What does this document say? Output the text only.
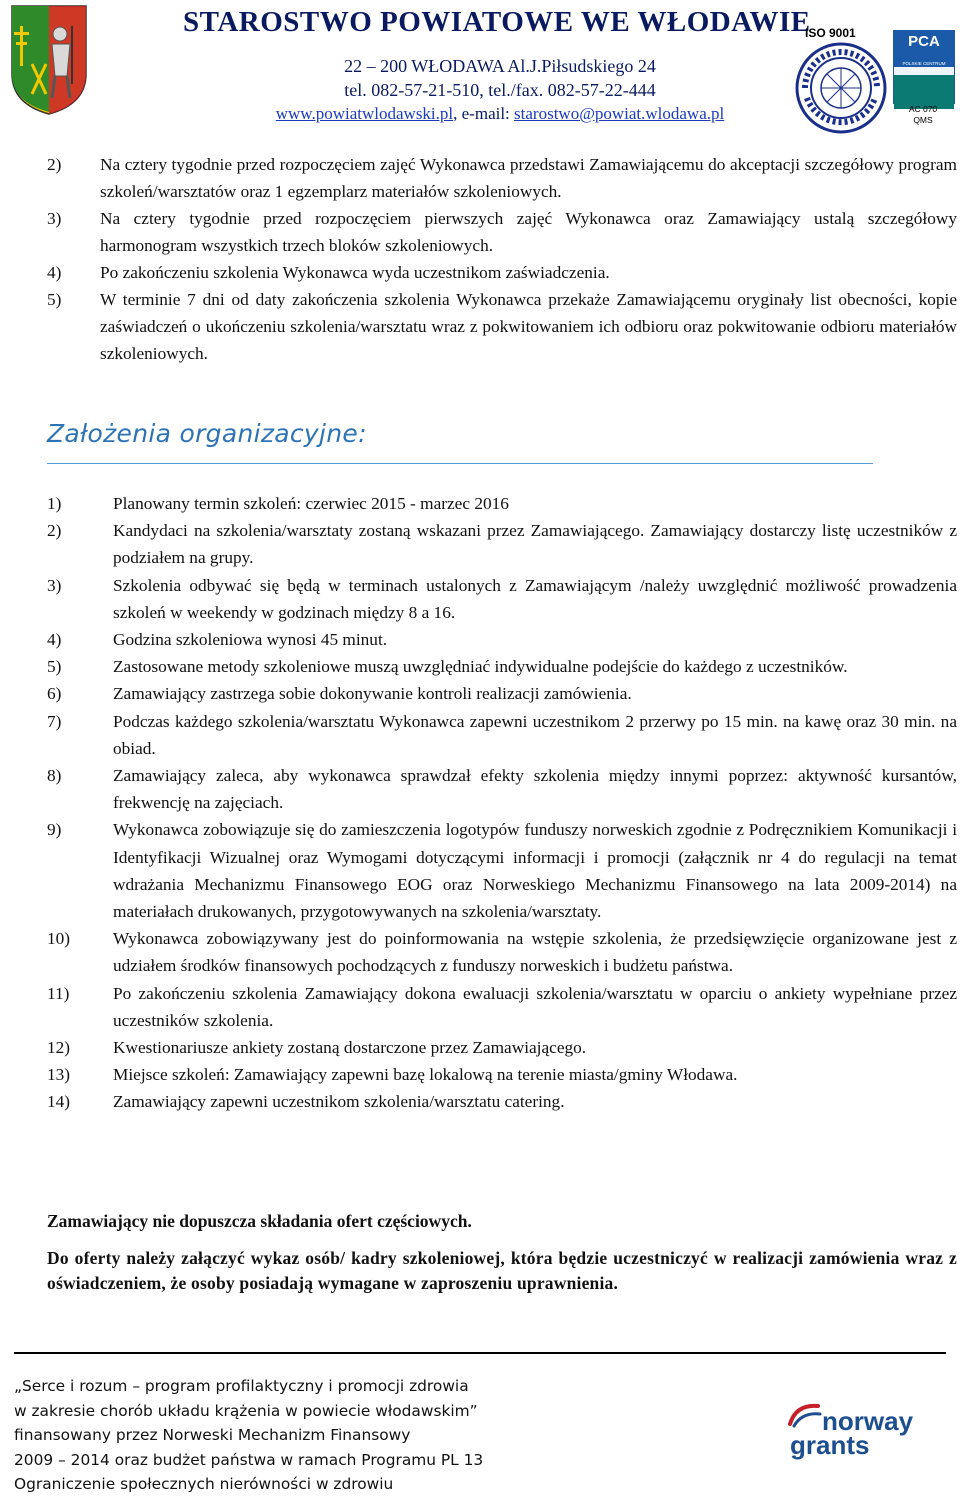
STAROSTWO POWIATOWE WE WŁODAWIE
22 – 200 WŁODAWA Al.J.Piłsudskiego 24
tel. 082-57-21-510, tel./fax. 082-57-22-444
www.powiatwlodawski.pl, e-mail: starostwo@powiat.wlodawa.pl
ISO 9001	PCA
POLSKIE CENTRUM AKREDYTACJI
AC 070
QMS
2) Na cztery tygodnie przed rozpoczęciem zajęć Wykonawca przedstawi Zamawiającemu do akceptacji szczegółowy program szkoleń/warsztatów oraz 1 egzemplarz materiałów szkoleniowych.
3) Na cztery tygodnie przed rozpoczęciem pierwszych zajęć Wykonawca oraz Zamawiający ustalą szczegółowy harmonogram wszystkich trzech bloków szkoleniowych.
4) Po zakończeniu szkolenia Wykonawca wyda uczestnikom zaświadczenia.
5) W terminie 7 dni od daty zakończenia szkolenia Wykonawca przekaże Zamawiającemu oryginały list obecności, kopie zaświadczeń o ukończeniu szkolenia/warsztatu wraz z pokwitowaniem ich odbioru oraz pokwitowanie odbioru materiałów szkoleniowych.
Założenia organizacyjne:
1)	Planowany termin szkoleń: czerwiec 2015 - marzec 2016
2)	Kandydaci na szkolenia/warsztaty zostaną wskazani przez Zamawiającego. Zamawiający dostarczy listę uczestników z podziałem na grupy.
3)	Szkolenia odbywać się będą w terminach ustalonych z Zamawiającym /należy uwzględnić możliwość prowadzenia szkoleń w weekendy w godzinach między 8 a 16.
4)	Godzina szkoleniowa wynosi 45 minut.
5)	Zastosowane metody szkoleniowe muszą uwzględniać indywidualne podejście do każdego z uczestników.
6)	Zamawiający zastrzega sobie dokonywanie kontroli realizacji zamówienia.
7)	Podczas każdego szkolenia/warsztatu Wykonawca zapewni uczestnikom 2 przerwy po 15 min. na kawę oraz 30 min. na obiad.
8)	Zamawiający zaleca, aby wykonawca sprawdzał efekty szkolenia między innymi poprzez: aktywność kursantów, frekwencję na zajęciach.
9)	Wykonawca zobowiązuje się do zamieszczenia logotypów funduszy norweskich zgodnie z Podręcznikiem Komunikacji i Identyfikacji Wizualnej oraz Wymogami dotyczącymi informacji i promocji (załącznik nr 4 do regulacji na temat wdrażania Mechanizmu Finansowego EOG oraz Norweskiego Mechanizmu Finansowego na lata 2009-2014) na materiałach drukowanych, przygotowywanych na szkolenia/warsztaty.
10) Wykonawca zobowiązywany jest do poinformowania na wstępie szkolenia, że przedsięwzięcie organizowane jest z udziałem środków finansowych pochodzących z funduszy norweskich i budżetu państwa.
11)	Po zakończeniu szkolenia Zamawiający dokona ewaluacji szkolenia/warsztatu w oparciu o ankiety wypełniane przez uczestników szkolenia.
12) Kwestionariusze ankiety zostaną dostarczone przez Zamawiającego.
13) Miejsce szkoleń: Zamawiający zapewni bazę lokalową na terenie miasta/gminy Włodawa.
14) Zamawiający zapewni uczestnikom szkolenia/warsztatu catering.

Zamawiający nie dopuszcza składania ofert częściowych.

Do oferty należy załączyć wykaz osób/ kadry szkoleniowej, która będzie uczestniczyć w realizacji zamówienia wraz z oświadczeniem, że osoby posiadają wymagane w zaproszeniu uprawnienia.

„Serce i rozum – program profilaktyczny i promocji zdrowia
w zakresie chorób układu krążenia w powiecie włodawskim”
finansowany przez Norweski Mechanizm Finansowy
2009 – 2014 oraz budżet państwa w ramach Programu PL 13
Ograniczenie społecznych nierówności w zdrowiu
norway
grants
